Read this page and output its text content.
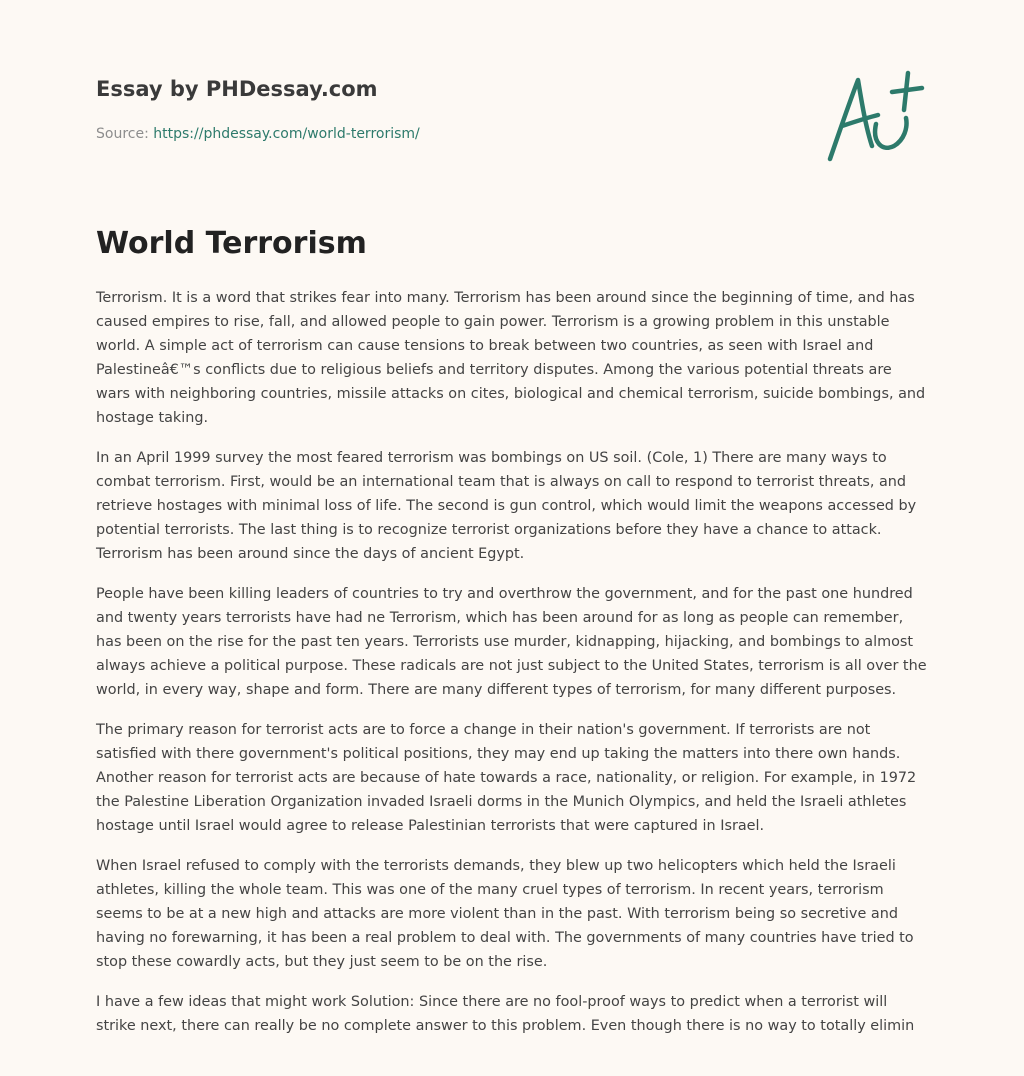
Essay by PHDessay.com
Source: https://phdessay.com/world-terrorism/
World Terrorism

Terrorism. It is a word that strikes fear into many. Terrorism has been around since the beginning of time, and has caused empires to rise, fall, and allowed people to gain power. Terrorism is a growing problem in this unstable world. A simple act of terrorism can cause tensions to break between two countries, as seen with Israel and Palestineâ€™s conflicts due to religious beliefs and territory disputes. Among the various potential threats are wars with neighboring countries, missile attacks on cites, biological and chemical terrorism, suicide bombings, and hostage taking.

In an April 1999 survey the most feared terrorism was bombings on US soil. (Cole, 1) There are many ways to combat terrorism. First, would be an international team that is always on call to respond to terrorist threats, and retrieve hostages with minimal loss of life. The second is gun control, which would limit the weapons accessed by potential terrorists. The last thing is to recognize terrorist organizations before they have a chance to attack. Terrorism has been around since the days of ancient Egypt.

People have been killing leaders of countries to try and overthrow the government, and for the past one hundred and twenty years terrorists have had ne Terrorism, which has been around for as long as people can remember, has been on the rise for the past ten years. Terrorists use murder, kidnapping, hijacking, and bombings to almost always achieve a political purpose. These radicals are not just subject to the United States, terrorism is all over the world, in every way, shape and form. There are many different types of terrorism, for many different purposes.

The primary reason for terrorist acts are to force a change in their nation's government. If terrorists are not satisfied with there government's political positions, they may end up taking the matters into there own hands. Another reason for terrorist acts are because of hate towards a race, nationality, or religion. For example, in 1972 the Palestine Liberation Organization invaded Israeli dorms in the Munich Olympics, and held the Israeli athletes hostage until Israel would agree to release Palestinian terrorists that were captured in Israel.

When Israel refused to comply with the terrorists demands, they blew up two helicopters which held the Israeli athletes, killing the whole team. This was one of the many cruel types of terrorism. In recent years, terrorism seems to be at a new high and attacks are more violent than in the past. With terrorism being so secretive and having no forewarning, it has been a real problem to deal with. The governments of many countries have tried to stop these cowardly acts, but they just seem to be on the rise.

I have a few ideas that might work Solution: Since there are no fool-proof ways to predict when a terrorist will strike next, there can really be no complete answer to this problem. Even though there is no way to totally elimin
